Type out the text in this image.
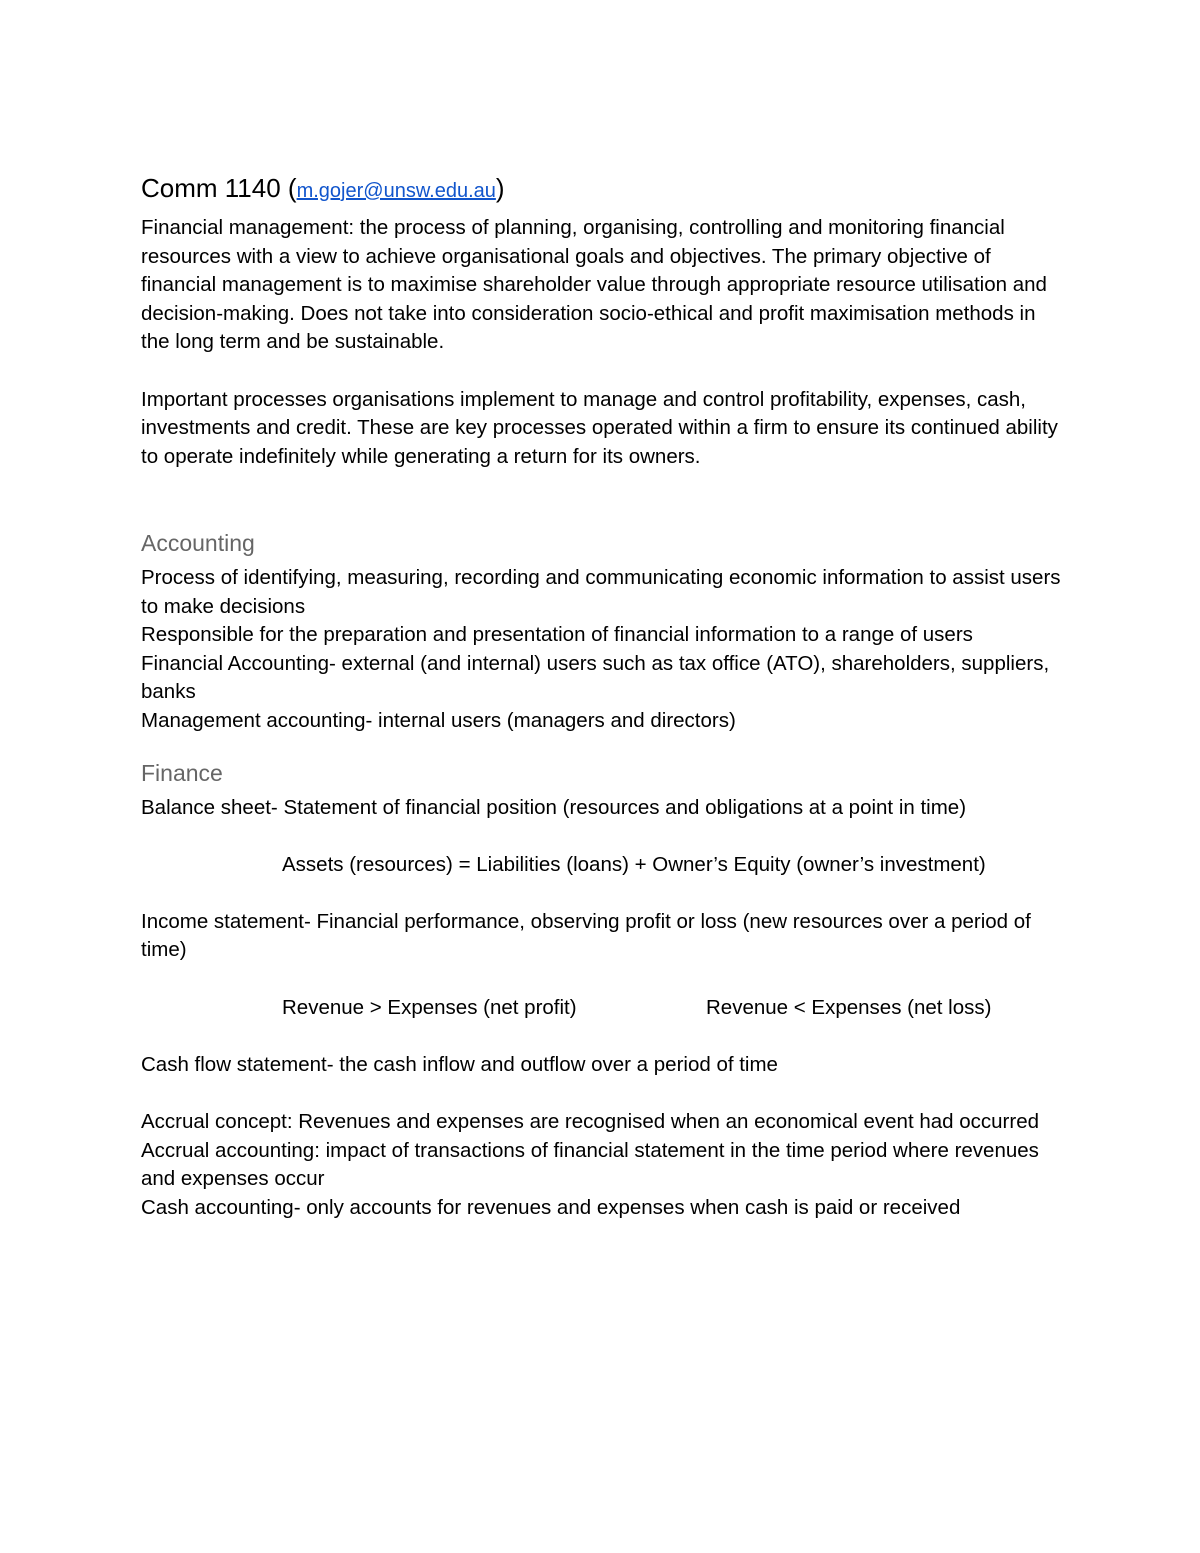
Comm 1140 (m.gojer@unsw.edu.au)

Financial management: the process of planning, organising, controlling and monitoring financial resources with a view to achieve organisational goals and objectives. The primary objective of financial management is to maximise shareholder value through appropriate resource utilisation and decision-making. Does not take into consideration socio-ethical and profit maximisation methods in the long term and be sustainable.

Important processes organisations implement to manage and control profitability, expenses, cash, investments and credit. These are key processes operated within a firm to ensure its continued ability to operate indefinitely while generating a return for its owners.

Accounting

Process of identifying, measuring, recording and communicating economic information to assist users to make decisions

Responsible for the preparation and presentation of financial information to a range of users

Financial Accounting- external (and internal) users such as tax office (ATO), shareholders, suppliers, banks

Management accounting- internal users (managers and directors)

Finance

Balance sheet- Statement of financial position (resources and obligations at a point in time)

Assets (resources) = Liabilities (loans) + Owner’s Equity (owner’s investment)

Income statement- Financial performance, observing profit or loss (new resources over a period of time)

Revenue > Expenses (net profit)	Revenue < Expenses (net loss)

Cash flow statement- the cash inflow and outflow over a period of time

Accrual concept: Revenues and expenses are recognised when an economical event had occurred

Accrual accounting: impact of transactions of financial statement in the time period where revenues and expenses occur

Cash accounting- only accounts for revenues and expenses when cash is paid or received
